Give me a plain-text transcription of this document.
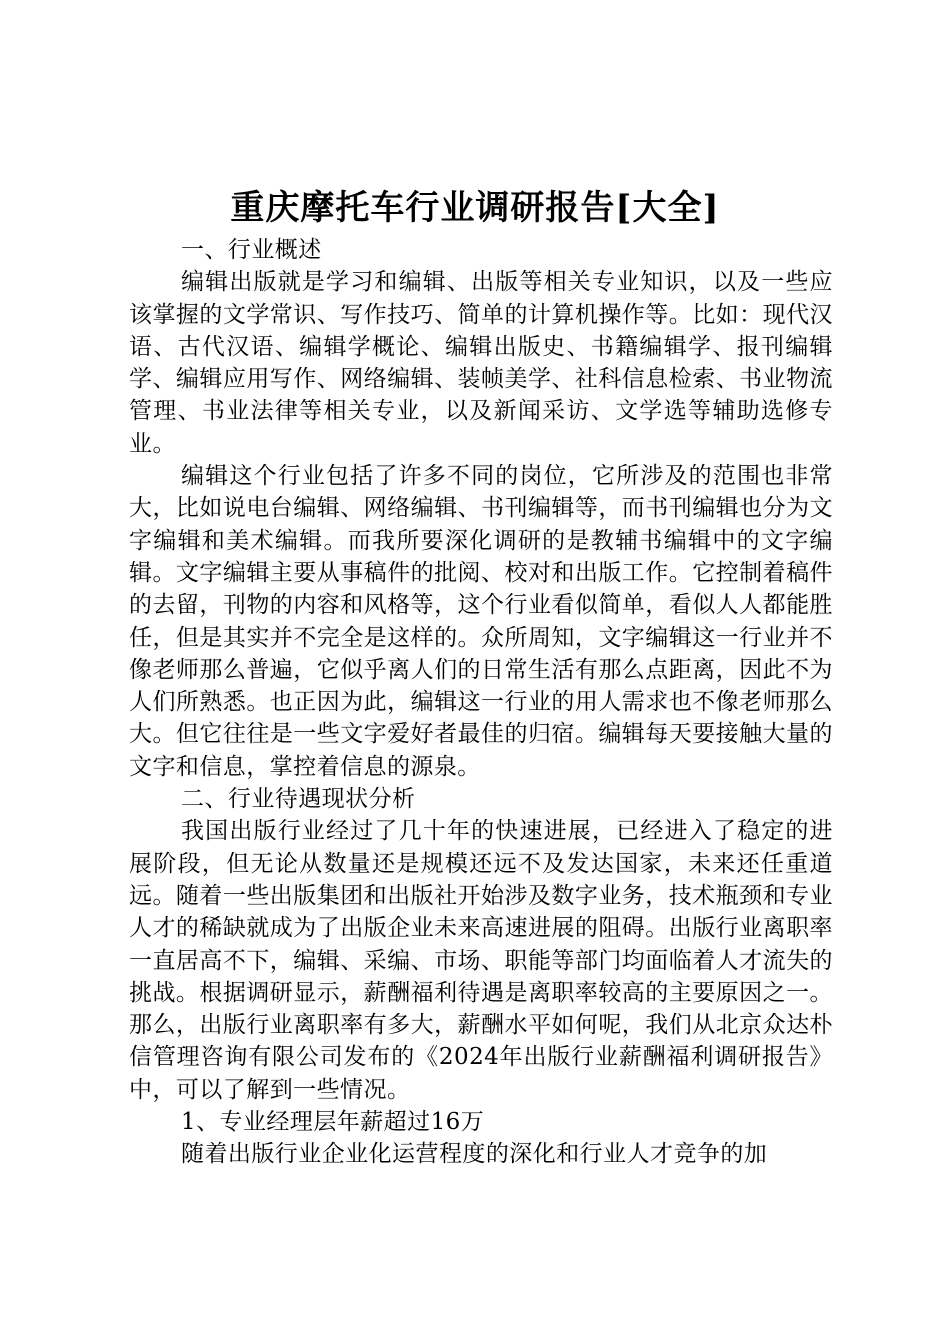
重庆摩托车行业调研报告[大全]

一、行业概述

编辑出版就是学习和编辑、出版等相关专业知识，以及一些应该掌握的文学常识、写作技巧、简单的计算机操作等。比如：现代汉语、古代汉语、编辑学概论、编辑出版史、书籍编辑学、报刊编辑学、编辑应用写作、网络编辑、装帧美学、社科信息检索、书业物流管理、书业法律等相关专业，以及新闻采访、文学选等辅助选修专业。

编辑这个行业包括了许多不同的岗位，它所涉及的范围也非常大，比如说电台编辑、网络编辑、书刊编辑等，而书刊编辑也分为文字编辑和美术编辑。而我所要深化调研的是教辅书编辑中的文字编辑。文字编辑主要从事稿件的批阅、校对和出版工作。它控制着稿件的去留，刊物的内容和风格等，这个行业看似简单，看似人人都能胜任，但是其实并不完全是这样的。众所周知，文字编辑这一行业并不像老师那么普遍，它似乎离人们的日常生活有那么点距离，因此不为人们所熟悉。也正因为此，编辑这一行业的用人需求也不像老师那么大。但它往往是一些文字爱好者最佳的归宿。编辑每天要接触大量的文字和信息，掌控着信息的源泉。

二、行业待遇现状分析

我国出版行业经过了几十年的快速进展，已经进入了稳定的进展阶段，但无论从数量还是规模还远不及发达国家，未来还任重道远。随着一些出版集团和出版社开始涉及数字业务，技术瓶颈和专业人才的稀缺就成为了出版企业未来高速进展的阻碍。出版行业离职率一直居高不下，编辑、采编、市场、职能等部门均面临着人才流失的挑战。根据调研显示，薪酬福利待遇是离职率较高的主要原因之一。那么，出版行业离职率有多大，薪酬水平如何呢，我们从北京众达朴信管理咨询有限公司发布的《2024年出版行业薪酬福利调研报告》中，可以了解到一些情况。

1、专业经理层年薪超过16万

随着出版行业企业化运营程度的深化和行业人才竞争的加
